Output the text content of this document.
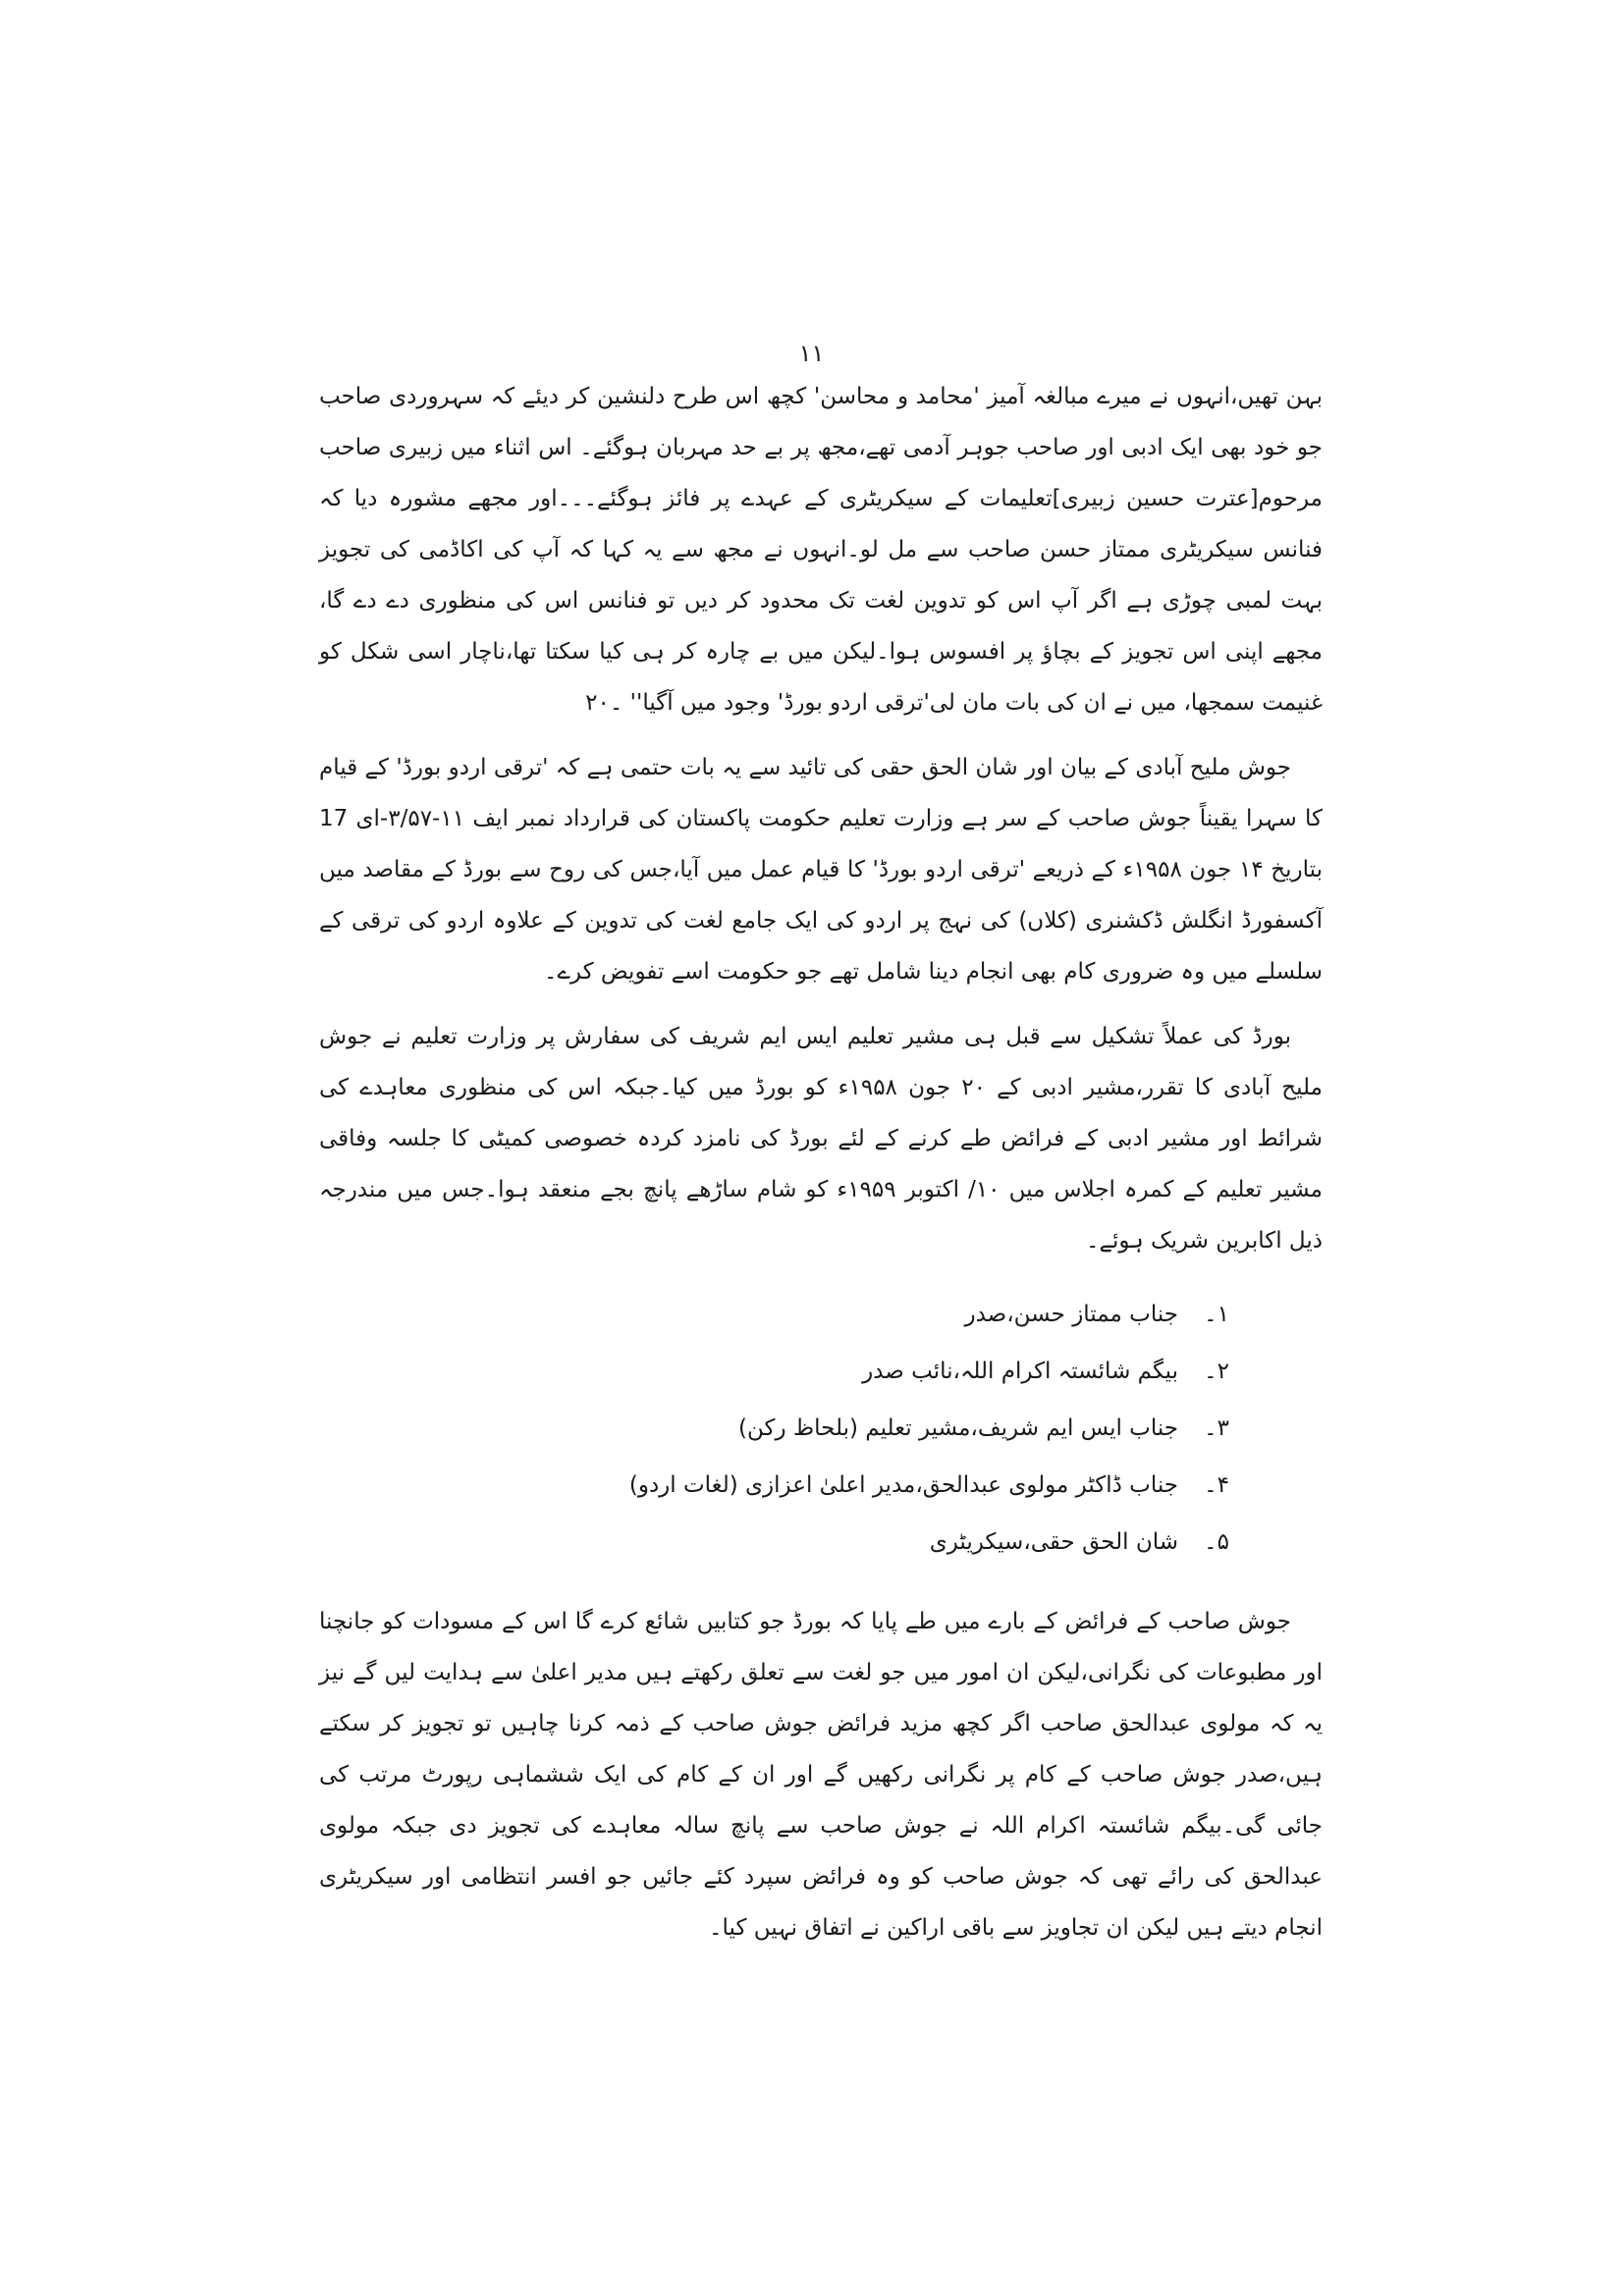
۱۱

بہن تھیں،انہوں نے میرے مبالغہ آمیز 'محامد و محاسن' کچھ اس طرح دلنشین کر دیئے کہ سہروردی صاحب جو خود بھی ایک ادبی اور صاحب جوہر آدمی تھے،مجھ پر بے حد مہربان ہوگئے۔ اس اثناء میں زبیری صاحب مرحوم[عترت حسین زبیری]تعلیمات کے سیکریٹری کے عہدے پر فائز ہوگئے۔۔۔اور مجھے مشورہ دیا کہ فنانس سیکریٹری ممتاز حسن صاحب سے مل لو۔انہوں نے مجھ سے یہ کہا کہ آپ کی اکاڈمی کی تجویز بہت لمبی چوڑی ہے اگر آپ اس کو تدوین لغت تک محدود کر دیں تو فنانس اس کی منظوری دے دے گا، مجھے اپنی اس تجویز کے بچاؤ پر افسوس ہوا۔لیکن میں بے چارہ کر ہی کیا سکتا تھا،ناچار اسی شکل کو غنیمت سمجھا، میں نے ان کی بات مان لی'ترقی اردو بورڈ' وجود میں آگیا'' ۔۲۰

جوش ملیح آبادی کے بیان اور شان الحق حقی کی تائید سے یہ بات حتمی ہے کہ 'ترقی اردو بورڈ' کے قیام کا سہرا یقیناً جوش صاحب کے سر ہے وزارت تعلیم حکومت پاکستان کی قرارداد نمبر ایف ۱۱-۳/۵۷-ای 17 بتاریخ ۱۴ جون ۱۹۵۸ء کے ذریعے 'ترقی اردو بورڈ' کا قیام عمل میں آیا،جس کی روح سے بورڈ کے مقاصد میں آکسفورڈ انگلش ڈکشنری (کلاں) کی نہج پر اردو کی ایک جامع لغت کی تدوین کے علاوہ اردو کی ترقی کے سلسلے میں وہ ضروری کام بھی انجام دینا شامل تھے جو حکومت اسے تفویض کرے۔

بورڈ کی عملاً تشکیل سے قبل ہی مشیر تعلیم ایس ایم شریف کی سفارش پر وزارت تعلیم نے جوش ملیح آبادی کا تقرر،مشیر ادبی کے ۲۰ جون ۱۹۵۸ء کو بورڈ میں کیا۔جبکہ اس کی منظوری معاہدے کی شرائط اور مشیر ادبی کے فرائض طے کرنے کے لئے بورڈ کی نامزد کردہ خصوصی کمیٹی کا جلسہ وفاقی مشیر تعلیم کے کمرہ اجلاس میں ۱۰/ اکتوبر ۱۹۵۹ء کو شام ساڑھے پانچ بجے منعقد ہوا۔جس میں مندرجہ ذیل اکابرین شریک ہوئے۔

۱۔
جناب ممتاز حسن،صدر
۲۔
بیگم شائستہ اکرام اللہ،نائب صدر
۳۔
جناب ایس ایم شریف،مشیر تعلیم (بلحاظ رکن)
۴۔
جناب ڈاکٹر مولوی عبدالحق،مدیر اعلیٰ اعزازی (لغات اردو)
۵۔
شان الحق حقی،سیکریٹری

جوش صاحب کے فرائض کے بارے میں طے پایا کہ بورڈ جو کتابیں شائع کرے گا اس کے مسودات کو جانچنا اور مطبوعات کی نگرانی،لیکن ان امور میں جو لغت سے تعلق رکھتے ہیں مدیر اعلیٰ سے ہدایت لیں گے نیز یہ کہ مولوی عبدالحق صاحب اگر کچھ مزید فرائض جوش صاحب کے ذمہ کرنا چاہیں تو تجویز کر سکتے ہیں،صدر جوش صاحب کے کام پر نگرانی رکھیں گے اور ان کے کام کی ایک ششماہی رپورٹ مرتب کی جائی گی۔بیگم شائستہ اکرام اللہ نے جوش صاحب سے پانچ سالہ معاہدے کی تجویز دی جبکہ مولوی عبدالحق کی رائے تھی کہ جوش صاحب کو وہ فرائض سپرد کئے جائیں جو افسر انتظامی اور سیکریٹری انجام دیتے ہیں لیکن ان تجاویز سے باقی اراکین نے اتفاق نہیں کیا۔
